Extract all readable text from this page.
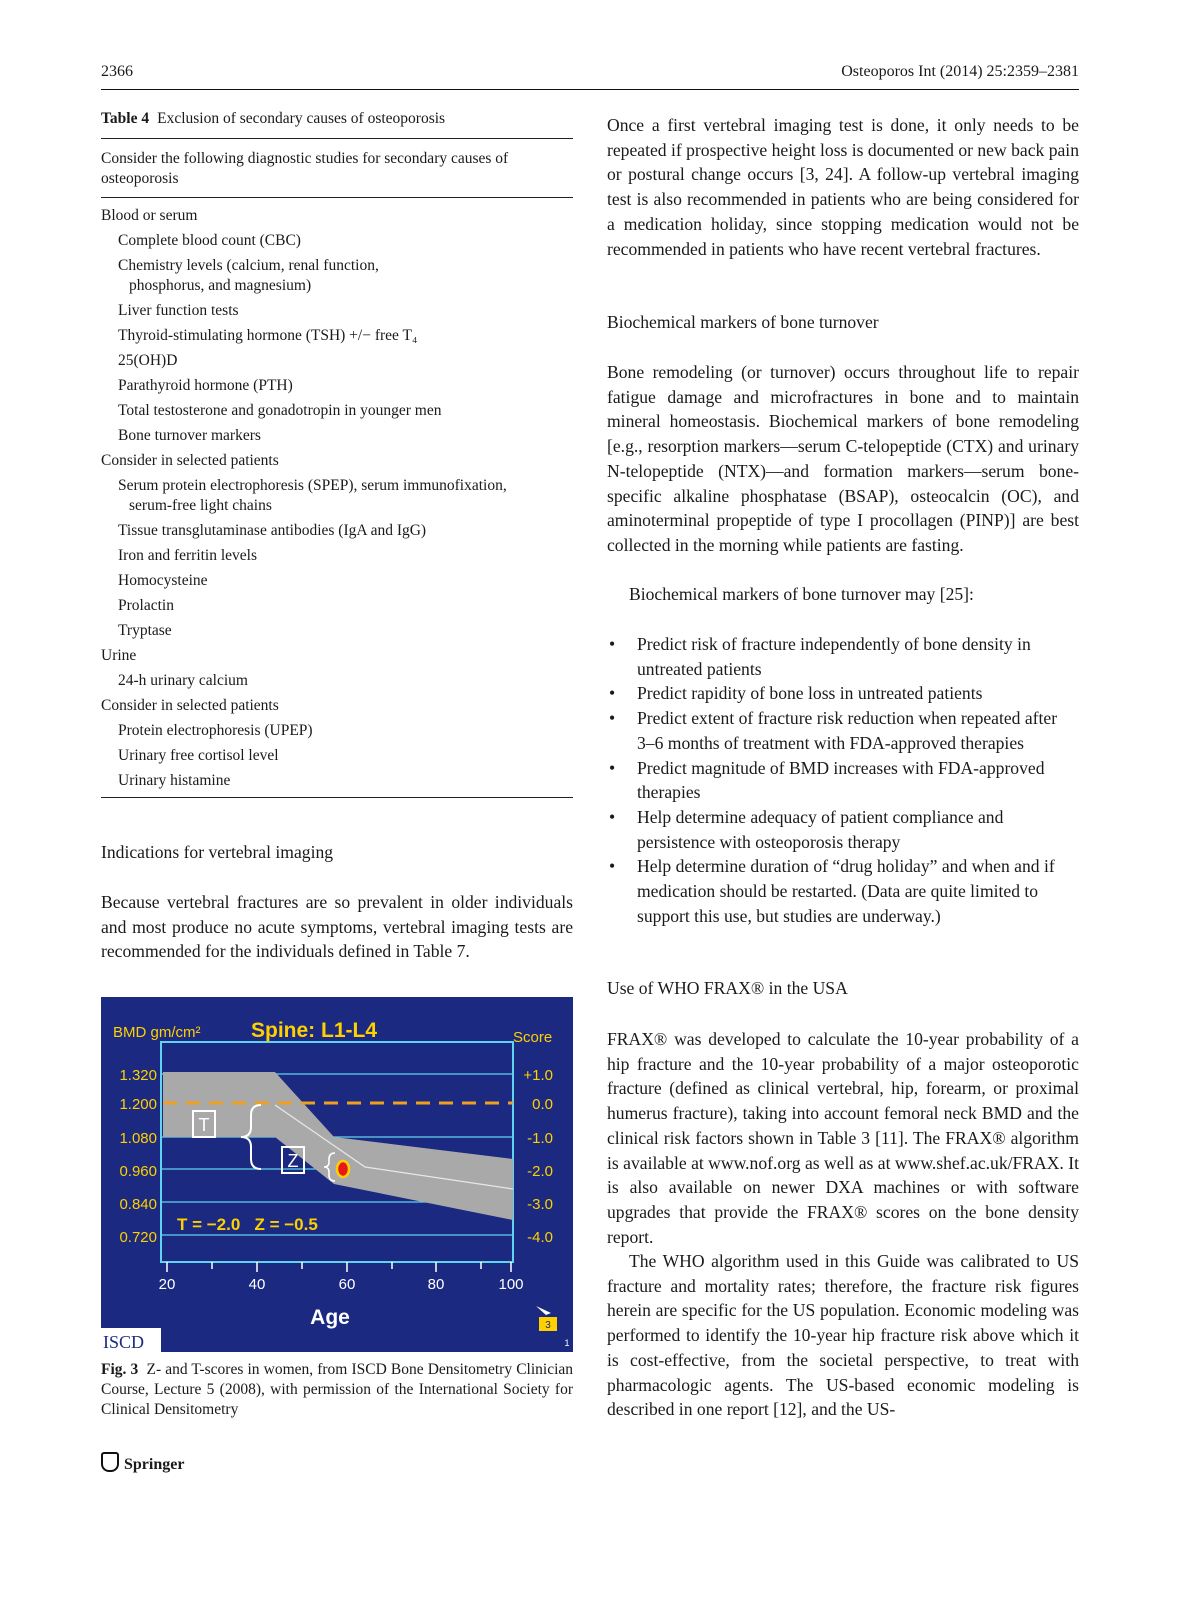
2366	Osteoporos Int (2014) 25:2359–2381
Table 4 Exclusion of secondary causes of osteoporosis
Consider the following diagnostic studies for secondary causes of osteoporosis
Blood or serum
Complete blood count (CBC)
Chemistry levels (calcium, renal function,
phosphorus, and magnesium)
Liver function tests
Thyroid-stimulating hormone (TSH) +/− free T₄
25(OH)D
Parathyroid hormone (PTH)
Total testosterone and gonadotropin in younger men
Bone turnover markers
Consider in selected patients
Serum protein electrophoresis (SPEP), serum immunofixation,
serum-free light chains
Tissue transglutaminase antibodies (IgA and IgG)
Iron and ferritin levels
Homocysteine
Prolactin
Tryptase
Urine
24-h urinary calcium
Consider in selected patients
Protein electrophoresis (UPEP)
Urinary free cortisol level
Urinary histamine
Indications for vertebral imaging
Because vertebral fractures are so prevalent in older individuals and most produce no acute symptoms, vertebral imaging tests are recommended for the individuals defined in Table 7.
T
Z
BMD gm/cm² Spine: L1-L4	Score
1.320
1.200
1.080
0.960
0.840
0.720
+1.0
0.0
-1.0
-2.0
-3.0
-4.0
20	40	60	80	100
Age
T = −2.0   Z = −0.5
ISCD
3
1
Fig. 3 Z- and T-scores in women, from ISCD Bone Densitometry Clinician Course, Lecture 5 (2008), with permission of the International Society for Clinical Densitometry
Once a first vertebral imaging test is done, it only needs to be repeated if prospective height loss is documented or new back pain or postural change occurs [3, 24]. A follow-up vertebral imaging test is also recommended in patients who are being considered for a medication holiday, since stopping medication would not be recommended in patients who have recent vertebral fractures.
Biochemical markers of bone turnover
Bone remodeling (or turnover) occurs throughout life to repair fatigue damage and microfractures in bone and to maintain mineral homeostasis. Biochemical markers of bone remodeling [e.g., resorption markers—serum C-telopeptide (CTX) and urinary N-telopeptide (NTX)—and formation markers—serum bone-specific alkaline phosphatase (BSAP), osteocalcin (OC), and aminoterminal propeptide of type I procollagen (PINP)] are best collected in the morning while patients are fasting.
Biochemical markers of bone turnover may [25]:
• Predict risk of fracture independently of bone density in untreated patients
• Predict rapidity of bone loss in untreated patients
• Predict extent of fracture risk reduction when repeated after 3–6 months of treatment with FDA-approved therapies
• Predict magnitude of BMD increases with FDA-approved therapies
• Help determine adequacy of patient compliance and persistence with osteoporosis therapy
• Help determine duration of “drug holiday” and when and if medication should be restarted. (Data are quite limited to support this use, but studies are underway.)
Use of WHO FRAX® in the USA
FRAX® was developed to calculate the 10-year probability of a hip fracture and the 10-year probability of a major osteoporotic fracture (defined as clinical vertebral, hip, forearm, or proximal humerus fracture), taking into account femoral neck BMD and the clinical risk factors shown in Table 3 [11]. The FRAX® algorithm is available at www.nof.org as well as at www.shef.ac.uk/FRAX. It is also available on newer DXA machines or with software upgrades that provide the FRAX® scores on the bone density report.
The WHO algorithm used in this Guide was calibrated to US fracture and mortality rates; therefore, the fracture risk figures herein are specific for the US population. Economic modeling was performed to identify the 10-year hip fracture risk above which it is cost-effective, from the societal perspective, to treat with pharmacologic agents. The US-based economic modeling is described in one report [12], and the US-
Springer
